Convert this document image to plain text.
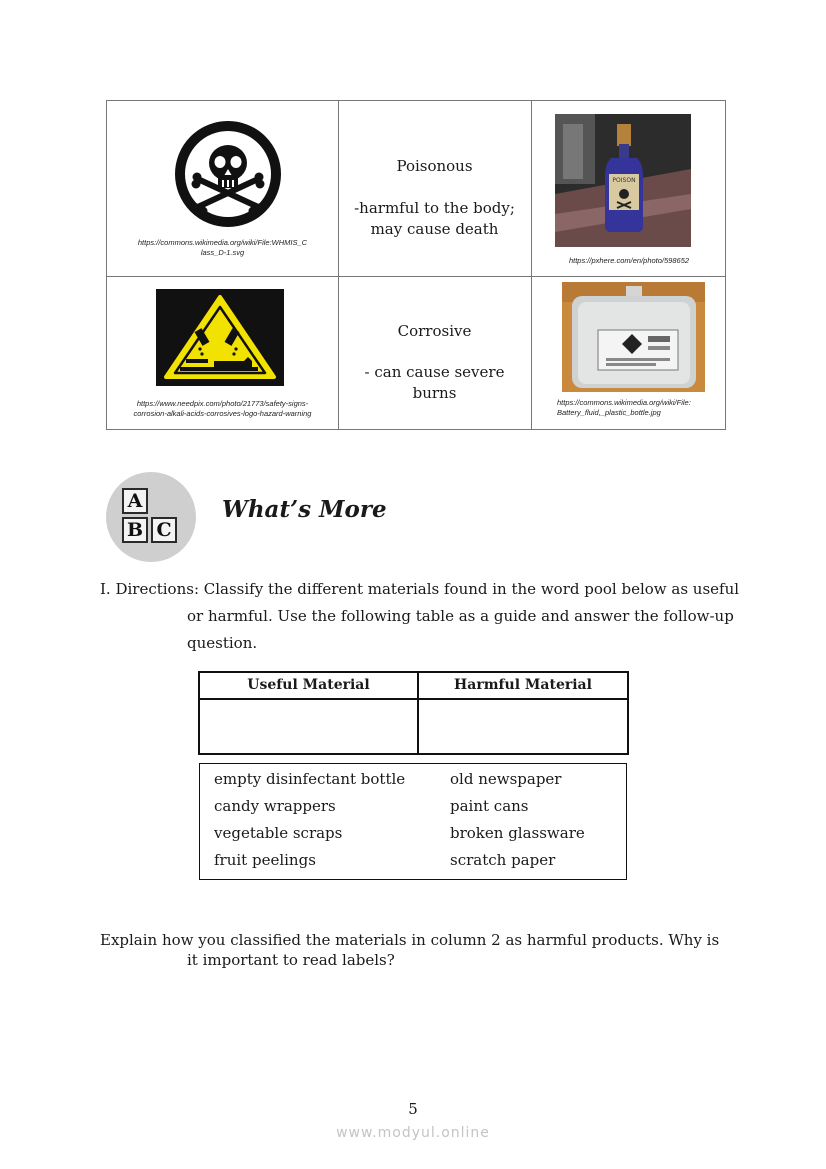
https://commons.wikimedia.org/wiki/File:WHMIS_C
lass_D-1.svg
Poisonous
-harmful to the body;
may cause death
POISON
https://pxhere.com/en/photo/598652
https://www.needpix.com/photo/21773/safety-signs-
corrosion-alkali-acids-corrosives-logo-hazard-warning
Corrosive
- can cause severe
burns
https://commons.wikimedia.org/wiki/File:
Battery_fluid,_plastic_bottle.jpg
A
B C
What’s More
I. Directions: Classify the different materials found in the word pool below as useful
or harmful. Use the following table as a guide and answer the follow-up
question.
Useful Material	Harmful Material
empty disinfectant bottle
candy wrappers
vegetable scraps
fruit peelings
old newspaper
paint cans
broken glassware
scratch paper
Explain how you classified the materials in column 2 as harmful products. Why is
it important to read labels?
5
www.modyul.online
